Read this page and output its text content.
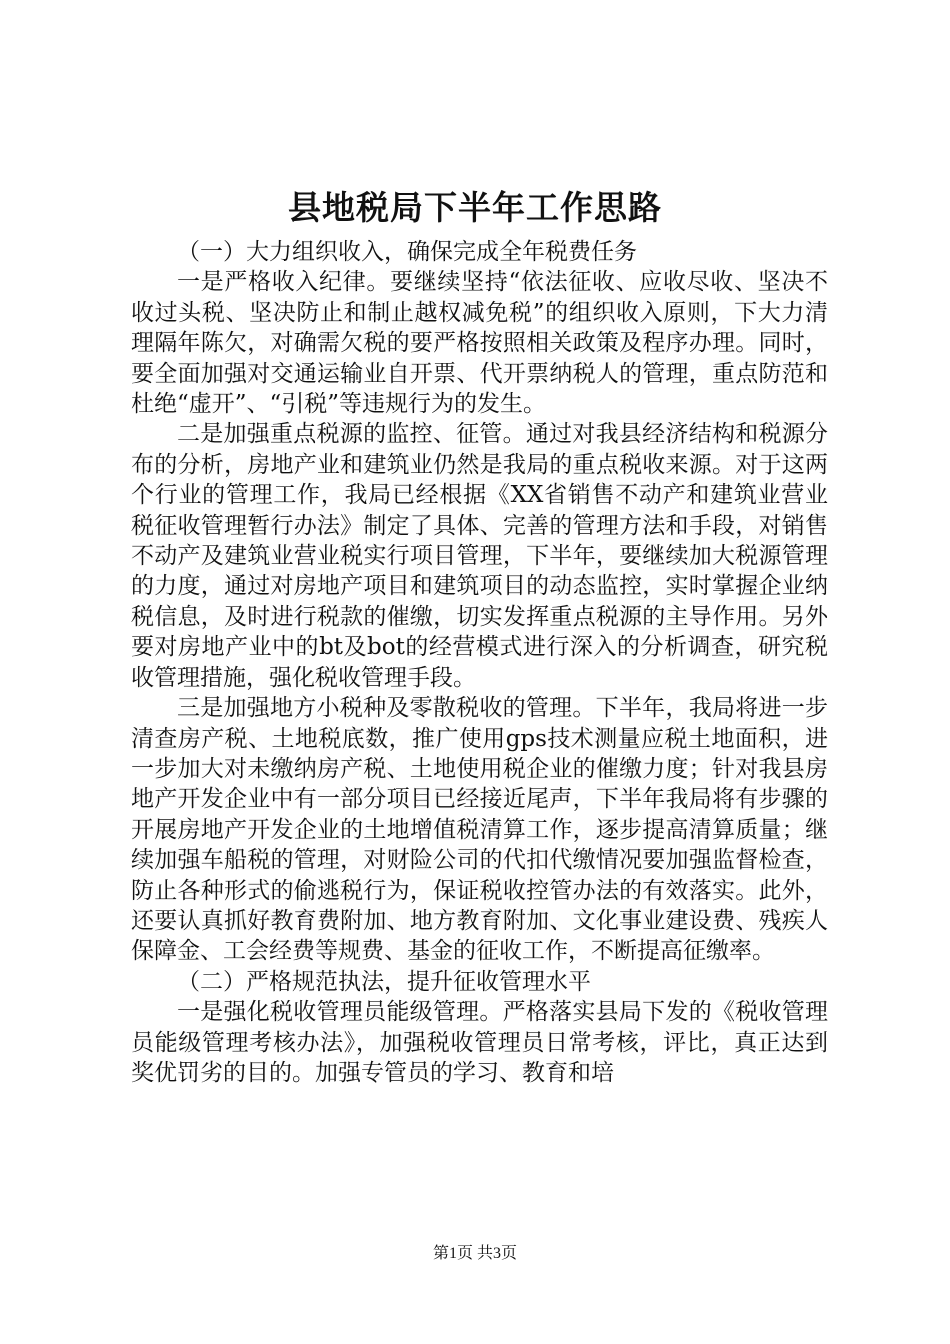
县地税局下半年工作思路

（一）大力组织收入，确保完成全年税费任务

一是严格收入纪律。要继续坚持“依法征收、应收尽收、坚决不收过头税、坚决防止和制止越权减免税”的组织收入原则，下大力清理隔年陈欠，对确需欠税的要严格按照相关政策及程序办理。同时，要全面加强对交通运输业自开票、代开票纳税人的管理，重点防范和杜绝“虚开”、“引税”等违规行为的发生。

二是加强重点税源的监控、征管。通过对我县经济结构和税源分布的分析，房地产业和建筑业仍然是我局的重点税收来源。对于这两个行业的管理工作，我局已经根据《XX省销售不动产和建筑业营业税征收管理暂行办法》制定了具体、完善的管理方法和手段，对销售不动产及建筑业营业税实行项目管理，下半年，要继续加大税源管理的力度，通过对房地产项目和建筑项目的动态监控，实时掌握企业纳税信息，及时进行税款的催缴，切实发挥重点税源的主导作用。另外要对房地产业中的bt及bot的经营模式进行深入的分析调查，研究税收管理措施，强化税收管理手段。

三是加强地方小税种及零散税收的管理。下半年，我局将进一步清查房产税、土地税底数，推广使用gps技术测量应税土地面积，进一步加大对未缴纳房产税、土地使用税企业的催缴力度；针对我县房地产开发企业中有一部分项目已经接近尾声，下半年我局将有步骤的开展房地产开发企业的土地增值税清算工作，逐步提高清算质量；继续加强车船税的管理，对财险公司的代扣代缴情况要加强监督检查，防止各种形式的偷逃税行为，保证税收控管办法的有效落实。此外，还要认真抓好教育费附加、地方教育附加、文化事业建设费、残疾人保障金、工会经费等规费、基金的征收工作，不断提高征缴率。

（二）严格规范执法，提升征收管理水平

一是强化税收管理员能级管理。严格落实县局下发的《税收管理员能级管理考核办法》，加强税收管理员日常考核，评比，真正达到奖优罚劣的目的。加强专管员的学习、教育和培

第1页 共3页
